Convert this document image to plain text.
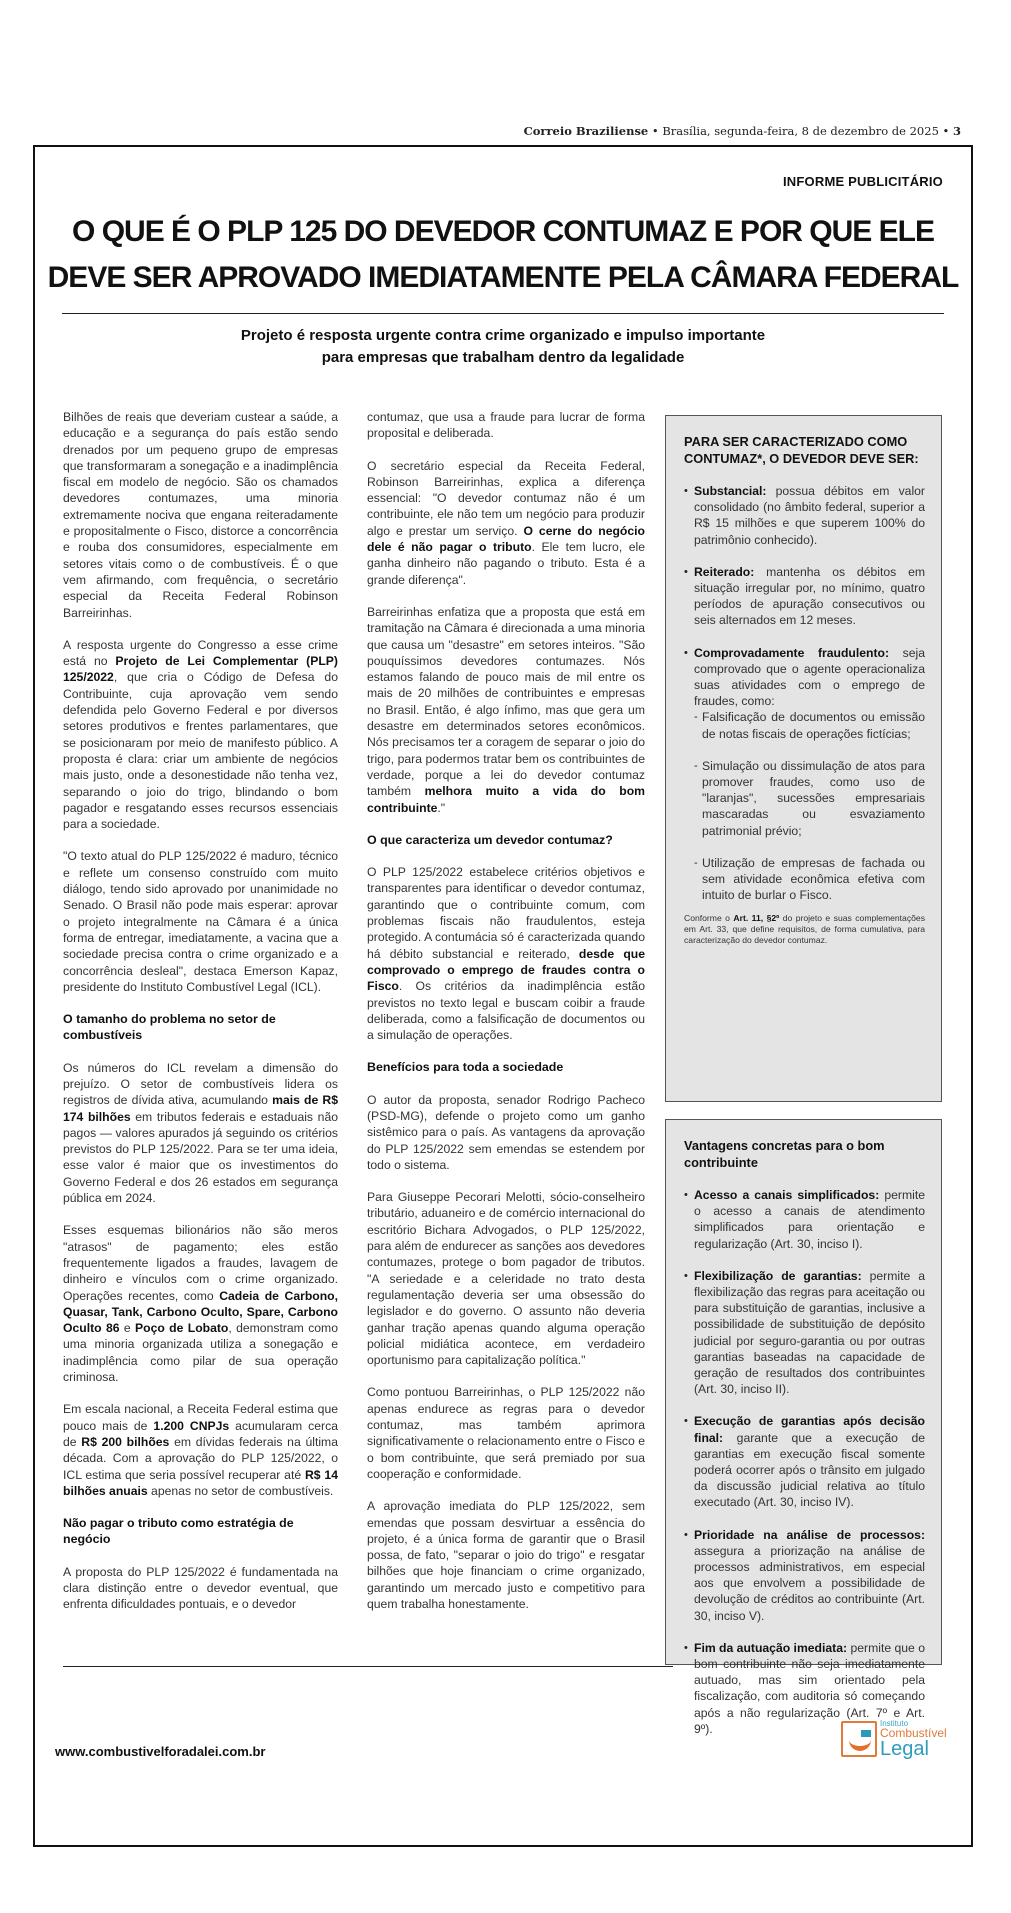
Correio Braziliense • Brasília, segunda-feira, 8 de dezembro de 2025 • 3
INFORME PUBLICITÁRIO
O QUE É O PLP 125 DO DEVEDOR CONTUMAZ E POR QUE ELE
DEVE SER APROVADO IMEDIATAMENTE PELA CÂMARA FEDERAL
Projeto é resposta urgente contra crime organizado e impulso importante
para empresas que trabalham dentro da legalidade

Bilhões de reais que deveriam custear a saúde, a educação e a segurança do país estão sendo drenados por um pequeno grupo de empresas que transformaram a sonegação e a inadimplência fiscal em modelo de negócio. São os chamados devedores contumazes, uma minoria extremamente nociva que engana reiteradamente e propositalmente o Fisco, distorce a concorrência e rouba dos consumidores, especialmente em setores vitais como o de combustíveis. É o que vem afirmando, com frequência, o secretário especial da Receita Federal Robinson Barreirinhas.

A resposta urgente do Congresso a esse crime está no Projeto de Lei Complementar (PLP) 125/2022, que cria o Código de Defesa do Contribuinte, cuja aprovação vem sendo defendida pelo Governo Federal e por diversos setores produtivos e frentes parlamentares, que se posicionaram por meio de manifesto público. A proposta é clara: criar um ambiente de negócios mais justo, onde a desonestidade não tenha vez, separando o joio do trigo, blindando o bom pagador e resgatando esses recursos essenciais para a sociedade.

"O texto atual do PLP 125/2022 é maduro, técnico e reflete um consenso construído com muito diálogo, tendo sido aprovado por unanimidade no Senado. O Brasil não pode mais esperar: aprovar o projeto integralmente na Câmara é a única forma de entregar, imediatamente, a vacina que a sociedade precisa contra o crime organizado e a concorrência desleal", destaca Emerson Kapaz, presidente do Instituto Combustível Legal (ICL).

O tamanho do problema no setor de combustíveis

Os números do ICL revelam a dimensão do prejuízo. O setor de combustíveis lidera os registros de dívida ativa, acumulando mais de R$ 174 bilhões em tributos federais e estaduais não pagos — valores apurados já seguindo os critérios previstos do PLP 125/2022. Para se ter uma ideia, esse valor é maior que os investimentos do Governo Federal e dos 26 estados em segurança pública em 2024.

Esses esquemas bilionários não são meros "atrasos" de pagamento; eles estão frequentemente ligados a fraudes, lavagem de dinheiro e vínculos com o crime organizado. Operações recentes, como Cadeia de Carbono, Quasar, Tank, Carbono Oculto, Spare, Carbono Oculto 86 e Poço de Lobato, demonstram como uma minoria organizada utiliza a sonegação e inadimplência como pilar de sua operação criminosa.

Em escala nacional, a Receita Federal estima que pouco mais de 1.200 CNPJs acumularam cerca de R$ 200 bilhões em dívidas federais na última década. Com a aprovação do PLP 125/2022, o ICL estima que seria possível recuperar até R$ 14 bilhões anuais apenas no setor de combustíveis.

Não pagar o tributo como estratégia de negócio

A proposta do PLP 125/2022 é fundamentada na clara distinção entre o devedor eventual, que enfrenta dificuldades pontuais, e o devedor

contumaz, que usa a fraude para lucrar de forma proposital e deliberada.

O secretário especial da Receita Federal, Robinson Barreirinhas, explica a diferença essencial: "O devedor contumaz não é um contribuinte, ele não tem um negócio para produzir algo e prestar um serviço. O cerne do negócio dele é não pagar o tributo. Ele tem lucro, ele ganha dinheiro não pagando o tributo. Esta é a grande diferença".

Barreirinhas enfatiza que a proposta que está em tramitação na Câmara é direcionada a uma minoria que causa um "desastre" em setores inteiros. "São pouquíssimos devedores contumazes. Nós estamos falando de pouco mais de mil entre os mais de 20 milhões de contribuintes e empresas no Brasil. Então, é algo ínfimo, mas que gera um desastre em determinados setores econômicos. Nós precisamos ter a coragem de separar o joio do trigo, para podermos tratar bem os contribuintes de verdade, porque a lei do devedor contumaz também melhora muito a vida do bom contribuinte."

O que caracteriza um devedor contumaz?

O PLP 125/2022 estabelece critérios objetivos e transparentes para identificar o devedor contumaz, garantindo que o contribuinte comum, com problemas fiscais não fraudulentos, esteja protegido. A contumácia só é caracterizada quando há débito substancial e reiterado, desde que comprovado o emprego de fraudes contra o Fisco. Os critérios da inadimplência estão previstos no texto legal e buscam coibir a fraude deliberada, como a falsificação de documentos ou a simulação de operações.

Benefícios para toda a sociedade

O autor da proposta, senador Rodrigo Pacheco (PSD-MG), defende o projeto como um ganho sistêmico para o país. As vantagens da aprovação do PLP 125/2022 sem emendas se estendem por todo o sistema.

Para Giuseppe Pecorari Melotti, sócio-conselheiro tributário, aduaneiro e de comércio internacional do escritório Bichara Advogados, o PLP 125/2022, para além de endurecer as sanções aos devedores contumazes, protege o bom pagador de tributos. "A seriedade e a celeridade no trato desta regulamentação deveria ser uma obsessão do legislador e do governo. O assunto não deveria ganhar tração apenas quando alguma operação policial midiática acontece, em verdadeiro oportunismo para capitalização política."

Como pontuou Barreirinhas, o PLP 125/2022 não apenas endurece as regras para o devedor contumaz, mas também aprimora significativamente o relacionamento entre o Fisco e o bom contribuinte, que será premiado por sua cooperação e conformidade.

A aprovação imediata do PLP 125/2022, sem emendas que possam desvirtuar a essência do projeto, é a única forma de garantir que o Brasil possa, de fato, "separar o joio do trigo" e resgatar bilhões que hoje financiam o crime organizado, garantindo um mercado justo e competitivo para quem trabalha honestamente.

PARA SER CARACTERIZADO COMO CONTUMAZ*, O DEVEDOR DEVE SER:
• Substancial: possua débitos em valor consolidado (no âmbito federal, superior a R$ 15 milhões e que superem 100% do patrimônio conhecido).
• Reiterado: mantenha os débitos em situação irregular por, no mínimo, quatro períodos de apuração consecutivos ou seis alternados em 12 meses.
• Comprovadamente fraudulento: seja comprovado que o agente operacionaliza suas atividades com o emprego de fraudes, como:
- Falsificação de documentos ou emissão de notas fiscais de operações fictícias;
- Simulação ou dissimulação de atos para promover fraudes, como uso de "laranjas", sucessões empresariais mascaradas ou esvaziamento patrimonial prévio;
- Utilização de empresas de fachada ou sem atividade econômica efetiva com intuito de burlar o Fisco.
Conforme o Art. 11, §2º do projeto e suas complementações em Art. 33, que define requisitos, de forma cumulativa, para caracterização do devedor contumaz.
Vantagens concretas para o bom contribuinte
• Acesso a canais simplificados: permite o acesso a canais de atendimento simplificados para orientação e regularização (Art. 30, inciso I).
• Flexibilização de garantias: permite a flexibilização das regras para aceitação ou para substituição de garantias, inclusive a possibilidade de substituição de depósito judicial por seguro-garantia ou por outras garantias baseadas na capacidade de geração de resultados dos contribuintes (Art. 30, inciso II).
• Execução de garantias após decisão final: garante que a execução de garantias em execução fiscal somente poderá ocorrer após o trânsito em julgado da discussão judicial relativa ao título executado (Art. 30, inciso IV).
• Prioridade na análise de processos: assegura a priorização na análise de processos administrativos, em especial aos que envolvem a possibilidade de devolução de créditos ao contribuinte (Art. 30, inciso V).
• Fim da autuação imediata: permite que o bom contribuinte não seja imediatamente autuado, mas sim orientado pela fiscalização, com auditoria só começando após a não regularização (Art. 7º e Art. 9º).
www.combustivelforadalei.com.br
Instituto
Combustível
Legal
